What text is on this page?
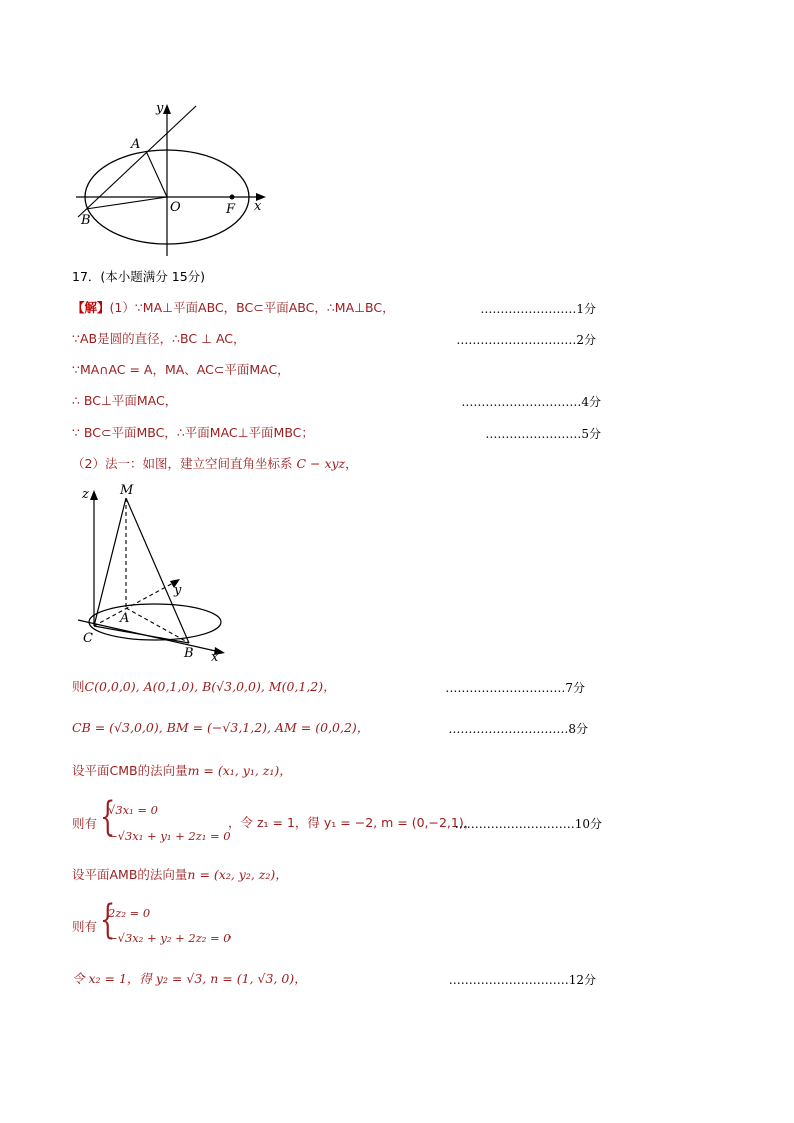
y
A
O	F x
B
17．(本小题满分 15分)
【解】(1）∵MA⊥平面ABC，BC⊂平面ABC，∴MA⊥BC，	……………………1分
∵AB是圆的直径，∴BC ⊥ AC，	…………………………2分
∵MA∩AC = A，MA、AC⊂平面MAC，
∴ BC⊥平面MAC，	…………………………4分
∵ BC⊂平面MBC，∴平面MAC⊥平面MBC；	……………………5分
（2）法一：如图，建立空间直角坐标系 C − xyz，
z M
y
A
C
B x
则C(0,0,0), A(0,1,0), B(√3,0,0), M(0,1,2)，	…………………………7分
CB = (√3,0,0), BM = (−√3,1,2), AM = (0,0,2)，	…………………………8分
设平面CMB的法向量m = (x₁, y₁, z₁)，
则有 {
√3x₁ = 0
−√3x₁ + y₁ + 2z₁ = 0
，令 z₁ = 1，得 y₁ = −2, m = (0,−2,1)，
…………………………10分
设平面AMB的法向量n = (x₂, y₂, z₂)，
则有 {
2z₂ = 0
−√3x₂ + y₂ + 2z₂ = 0
，
令 x₂ = 1，得 y₂ = √3, n = (1, √3, 0)，	…………………………12分
